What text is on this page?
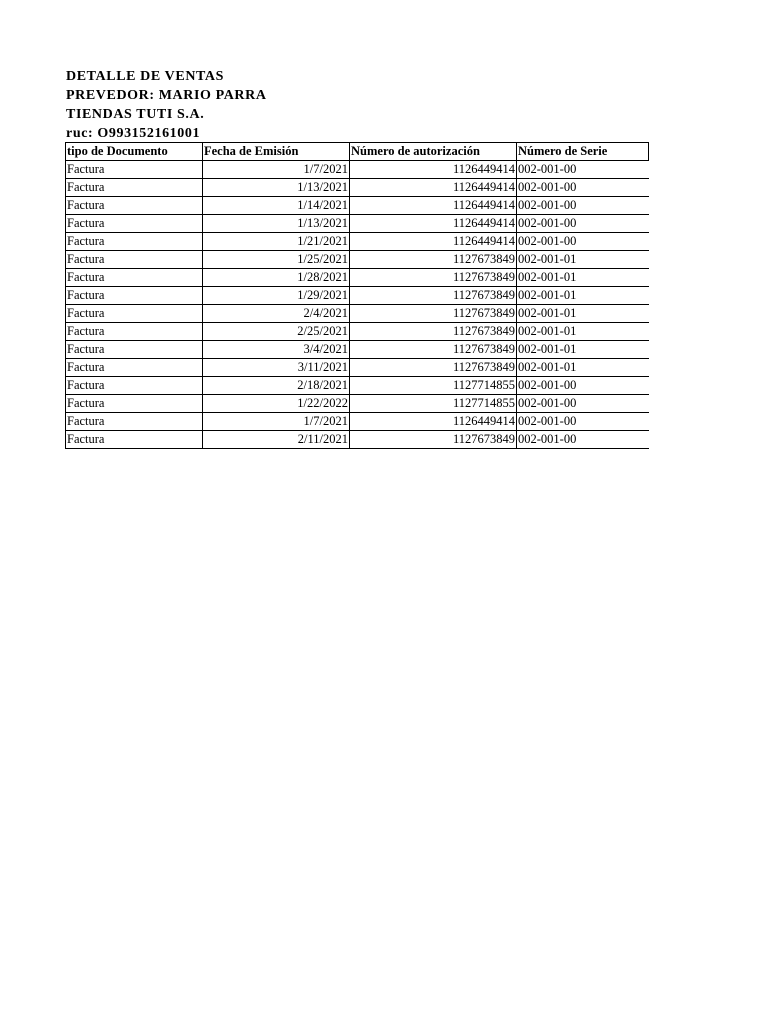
DETALLE DE VENTAS
PREVEDOR: MARIO PARRA
TIENDAS TUTI S.A.
ruc: O993152161001
tipo de Documento	Fecha de Emisión	Número de autorización	Número de Serie
Factura	1/7/2021	1126449414	002-001-00
Factura	1/13/2021	1126449414	002-001-00
Factura	1/14/2021	1126449414	002-001-00
Factura	1/13/2021	1126449414	002-001-00
Factura	1/21/2021	1126449414	002-001-00
Factura	1/25/2021	1127673849	002-001-01
Factura	1/28/2021	1127673849	002-001-01
Factura	1/29/2021	1127673849	002-001-01
Factura	2/4/2021	1127673849	002-001-01
Factura	2/25/2021	1127673849	002-001-01
Factura	3/4/2021	1127673849	002-001-01
Factura	3/11/2021	1127673849	002-001-01
Factura	2/18/2021	1127714855	002-001-00
Factura	1/22/2022	1127714855	002-001-00
Factura	1/7/2021	1126449414	002-001-00
Factura	2/11/2021	1127673849	002-001-00
